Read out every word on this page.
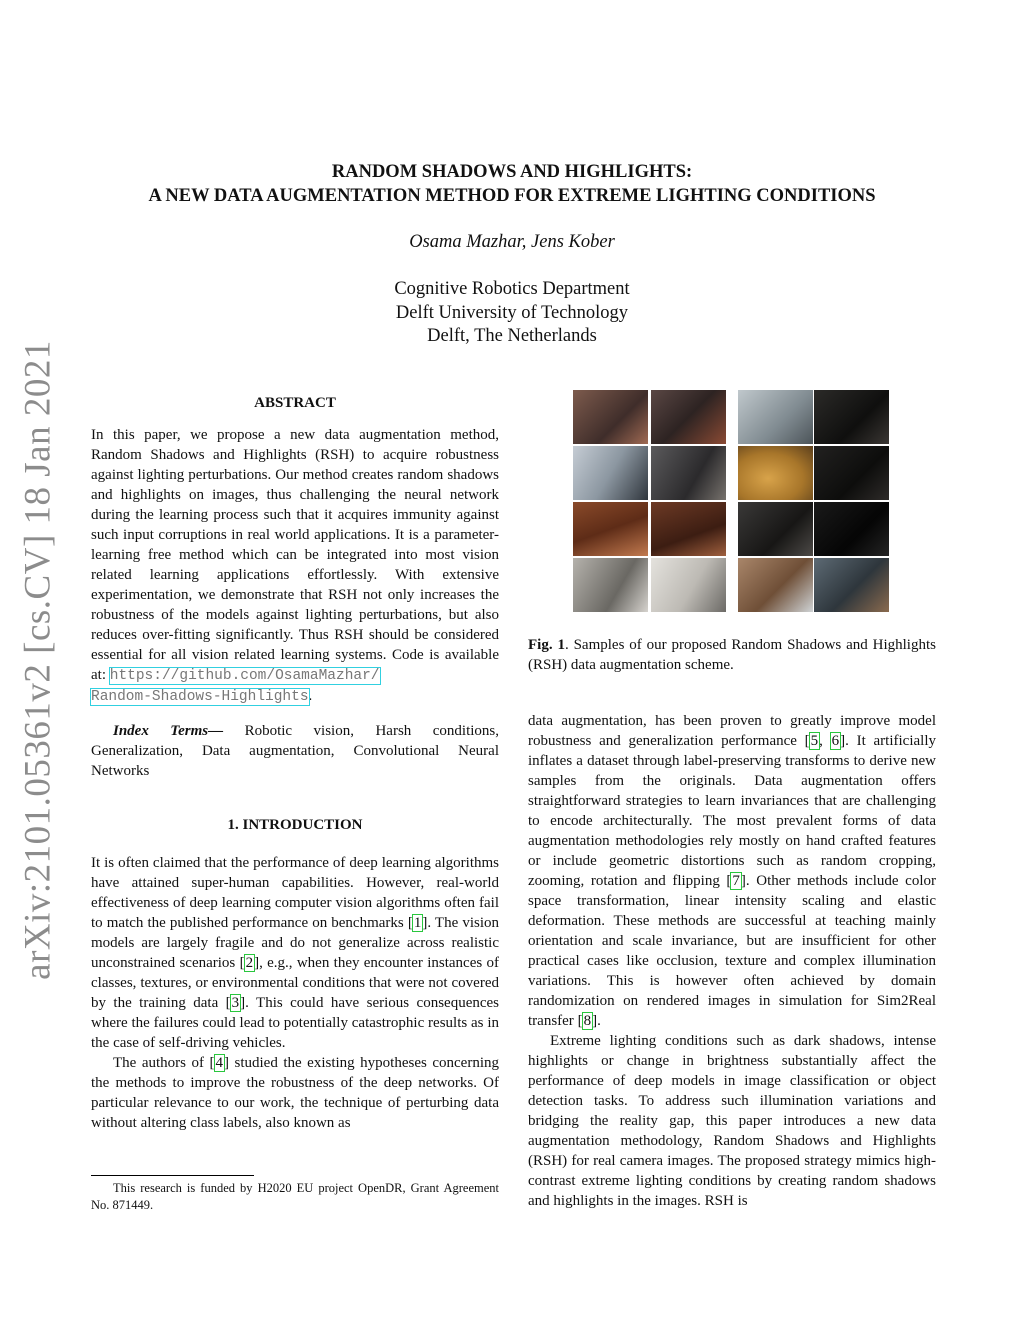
arXiv:2101.05361v2 [cs.CV] 18 Jan 2021
RANDOM SHADOWS AND HIGHLIGHTS:
A NEW DATA AUGMENTATION METHOD FOR EXTREME LIGHTING CONDITIONS
Osama Mazhar, Jens Kober
Cognitive Robotics Department
Delft University of Technology
Delft, The Netherlands
ABSTRACT

In this paper, we propose a new data augmentation method, Random Shadows and Highlights (RSH) to acquire robustness against lighting perturbations. Our method creates random shadows and highlights on images, thus challenging the neural network during the learning process such that it acquires immunity against such input corruptions in real world applications. It is a parameter-learning free method which can be integrated into most vision related learning applications effortlessly. With extensive experimentation, we demonstrate that RSH not only increases the robustness of the models against lighting perturbations, but also reduces over-fitting significantly. Thus RSH should be considered essential for all vision related learning systems. Code is available at: https://github.com/OsamaMazhar/
Random-Shadows-Highlights.

Index Terms— Robotic vision, Harsh conditions, Generalization, Data augmentation, Convolutional Neural Networks

1. INTRODUCTION

It is often claimed that the performance of deep learning algorithms have attained super-human capabilities. However, real-world effectiveness of deep learning computer vision algorithms often fail to match the published performance on benchmarks [1]. The vision models are largely fragile and do not generalize across realistic unconstrained scenarios [2], e.g., when they encounter instances of classes, textures, or environmental conditions that were not covered by the training data [3]. This could have serious consequences where the failures could lead to potentially catastrophic results as in the case of self-driving vehicles.

The authors of [4] studied the existing hypotheses concerning the methods to improve the robustness of the deep networks. Of particular relevance to our work, the technique of perturbing data without altering class labels, also known as

This research is funded by H2020 EU project OpenDR, Grant Agreement No. 871449.
Fig. 1. Samples of our proposed Random Shadows and Highlights (RSH) data augmentation scheme.

data augmentation, has been proven to greatly improve model robustness and generalization performance [5, 6]. It artificially inflates a dataset through label-preserving transforms to derive new samples from the originals. Data augmentation offers straightforward strategies to learn invariances that are challenging to encode architecturally. The most prevalent forms of data augmentation methodologies rely mostly on hand crafted features or include geometric distortions such as random cropping, zooming, rotation and flipping [7]. Other methods include color space transformation, linear intensity scaling and elastic deformation. These methods are successful at teaching mainly orientation and scale invariance, but are insufficient for other practical cases like occlusion, texture and complex illumination variations. This is however often achieved by domain randomization on rendered images in simulation for Sim2Real transfer [8].

Extreme lighting conditions such as dark shadows, intense highlights or change in brightness substantially affect the performance of deep models in image classification or object detection tasks. To address such illumination variations and bridging the reality gap, this paper introduces a new data augmentation methodology, Random Shadows and Highlights (RSH) for real camera images. The proposed strategy mimics high-contrast extreme lighting conditions by creating random shadows and highlights in the images. RSH is
